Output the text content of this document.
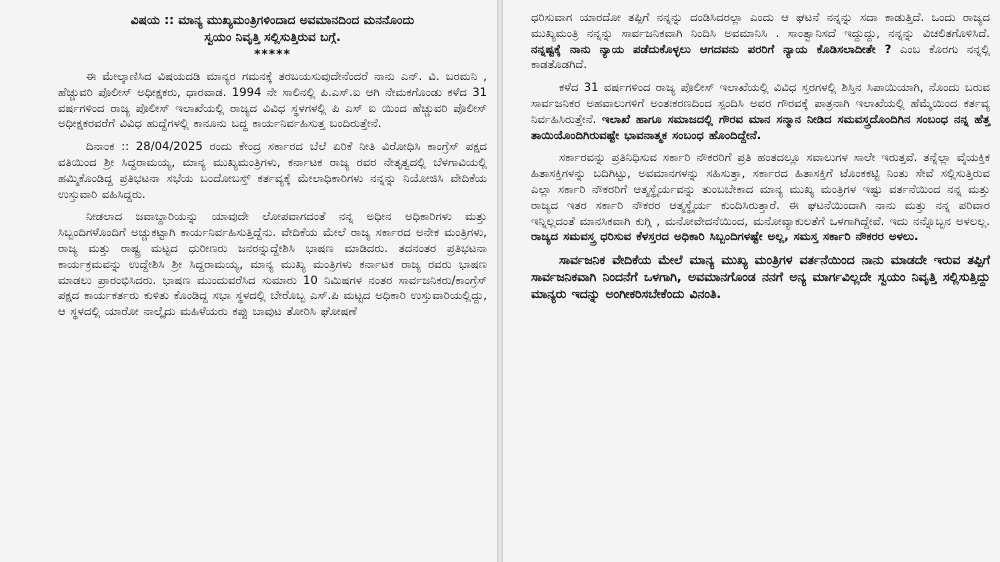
ವಿಷಯ :: ಮಾನ್ಯ ಮುಖ್ಯಮಂತ್ರಿಗಳಿಂದಾದ ಅವಮಾನದಿಂದ ಮನನೊಂದು
ಸ್ವಯಂ ನಿವೃತ್ತಿ ಸಲ್ಲಿಸುತ್ತಿರುವ ಬಗ್ಗೆ.
*****

ಈ ಮೇಲ್ಕಾಣಿಸಿದ ವಿಷಯದಡಿ ಮಾನ್ಯರ ಗಮನಕ್ಕೆ ತರಬಯಸುವುದೇನೆಂದರೆ ನಾನು ಎನ್. ವಿ. ಬರಮನಿ , ಹೆಚ್ಚುವರಿ ಪೊಲೀಸ್ ಅಧೀಕ್ಷಕರು, ಧಾರವಾಡ. 1994 ನೇ ಸಾಲಿನಲ್ಲಿ ಪಿ.ಎಸ್.ಐ ಆಗಿ ನೇಮಕಗೊಂಡು ಕಳೆದ 31 ವರ್ಷಗಳಿಂದ ರಾಜ್ಯ ಪೊಲೀಸ್ ಇಲಾಖೆಯಲ್ಲಿ ರಾಜ್ಯದ ವಿವಿಧ ಸ್ಥಳಗಳಲ್ಲಿ ಪಿ ಎಸ್ ಐ ಯಿಂದ ಹೆಚ್ಚುವರಿ ಪೊಲೀಸ್ ಅಧೀಕ್ಷಕರವರೆಗೆ ವಿವಿಧ ಹುದ್ದೆಗಳಲ್ಲಿ ಕಾನೂನು ಬದ್ಧ ಕಾರ್ಯನಿರ್ವಹಿಸುತ್ತ ಬಂದಿರುತ್ತೇನೆ.

ದಿನಾಂಕ :: 28/04/2025 ರಂದು ಕೇಂದ್ರ ಸರ್ಕಾರದ ಬೆಲೆ ಏರಿಕೆ ನೀತಿ ವಿರೋಧಿಸಿ ಕಾಂಗ್ರೆಸ್ ಪಕ್ಷದ ವತಿಯಿಂದ ಶ್ರೀ ಸಿದ್ದರಾಮಯ್ಯ, ಮಾನ್ಯ ಮುಖ್ಯಮಂತ್ರಿಗಳು, ಕರ್ನಾಟಕ ರಾಜ್ಯ ರವರ ನೇತೃತ್ವದಲ್ಲಿ ಬೆಳಗಾವಿಯಲ್ಲಿ ಹಮ್ಮಿಕೊಂಡಿದ್ದ ಪ್ರತಿಭಟನಾ ಸಭೆಯ ಬಂದೋಬಸ್ತ್ ಕರ್ತವ್ಯಕ್ಕೆ ಮೇಲಾಧಿಕಾರಿಗಳು ನನ್ನನ್ನು ನಿಯೋಜಿಸಿ ವೇದಿಕೆಯ ಉಸ್ತುವಾರಿ ವಹಿಸಿದ್ದರು.

ನೀಡಲಾದ ಜವಾಬ್ದಾರಿಯನ್ನು ಯಾವುದೇ ಲೋಪವಾಗದಂತೆ ನನ್ನ ಅಧೀನ ಅಧಿಕಾರಿಗಳು ಮತ್ತು ಸಿಬ್ಬಂದಿಗಳೊಂದಿಗೆ ಅಚ್ಚುಕಟ್ಟಾಗಿ ಕಾರ್ಯನಿರ್ವಹಿಸುತ್ತಿದ್ದೆನು. ವೇದಿಕೆಯ ಮೇಲೆ ರಾಜ್ಯ ಸರ್ಕಾರದ ಅನೇಕ ಮಂತ್ರಿಗಳು, ರಾಜ್ಯ ಮತ್ತು ರಾಷ್ಟ್ರ ಮಟ್ಟದ ಧುರೀಣರು ಜನರನ್ನುದ್ದೇಶಿಸಿ ಭಾಷಣ ಮಾಡಿದರು. ತದನಂತರ ಪ್ರತಿಭಟನಾ ಕಾರ್ಯಕ್ರಮವನ್ನು ಉದ್ದೇಶಿಸಿ ಶ್ರೀ ಸಿದ್ದರಾಮಯ್ಯ, ಮಾನ್ಯ ಮುಖ್ಯ ಮಂತ್ರಿಗಳು ಕರ್ನಾಟಕ ರಾಜ್ಯ ರವರು ಭಾಷಣ ಮಾಡಲು ಪ್ರಾರಂಭಿಸಿದರು. ಭಾಷಣ ಮುಂದುವರೆಸಿದ ಸುಮಾರು 10 ನಿಮಿಷಗಳ ನಂತರ ಸಾರ್ವಜನಿಕರು/ಕಾಂಗ್ರೆಸ್ ಪಕ್ಷದ ಕಾರ್ಯಕರ್ತರು ಕುಳಿತು ಕೊಂಡಿದ್ದ ಸಭಾ ಸ್ಥಳದಲ್ಲಿ ಬೇರೊಬ್ಬ ಎಸ್.ಪಿ ಮಟ್ಟದ ಅಧಿಕಾರಿ ಉಸ್ತುವಾರಿಯಲ್ಲಿದ್ದು, ಆ ಸ್ಥಳದಲ್ಲಿ ಯಾರೋ ನಾಲ್ಕೈದು ಮಹಿಳೆಯರು ಕಪ್ಪು ಬಾವುಟ ತೋರಿಸಿ ಘೋಷಣೆ

ಧರಿಸುವಾಗ ಯಾರದೋ ತಪ್ಪಿಗೆ ನನ್ನನ್ನು ದಂಡಿಸಿದರಲ್ಲಾ ಎಂದು ಆ ಘಟನೆ ನನ್ನನ್ನು ಸದಾ ಕಾಡುತ್ತಿದೆ. ಒಂದು ರಾಜ್ಯದ ಮುಖ್ಯಮಂತ್ರಿ ನನ್ನನ್ನು ಸಾರ್ವಜನಿಕವಾಗಿ ನಿಂದಿಸಿ ಅವಮಾನಿಸಿ . ಸಾಂತ್ವಾನಿಸದೆ ಇದ್ದುದ್ದು, ನನ್ನನ್ನು ವಿಚಲಿತಗೊಳಿಸಿದೆ. ನನ್ನಷ್ಟಕ್ಕೆ ನಾನು ನ್ಯಾಯ ಪಡೆದುಕೊಳ್ಳಲು ಆಗದವನು ಪರರಿಗೆ ನ್ಯಾಯ ಕೊಡಿಸಲಾದೀತೇ ? ಎಂಬ ಕೊರಗು ನನ್ನಲ್ಲಿ ಕಾಡತೊಡಗಿದೆ.

ಕಳೆದ 31 ವರ್ಷಗಳಿಂದ ರಾಜ್ಯ ಪೊಲೀಸ್ ಇಲಾಖೆಯಲ್ಲಿ ವಿವಿಧ ಸ್ತರಗಳಲ್ಲಿ ಶಿಸ್ತಿನ ಸಿಪಾಯಿಯಾಗಿ, ನೊಂದು ಬರುವ ಸಾರ್ವಜನಿಕರ ಅಹವಾಲುಗಳಿಗೆ ಅಂತಃಕರಣದಿಂದ ಸ್ಪಂದಿಸಿ ಅವರ ಗೌರವಕ್ಕೆ ಪಾತ್ರನಾಗಿ ಇಲಾಖೆಯಲ್ಲಿ ಹೆಮ್ಮೆಯಿಂದ ಕರ್ತವ್ಯ ನಿರ್ವಹಿಸಿರುತ್ತೇನೆ. ಇಲಾಖೆ ಹಾಗೂ ಸಮಾಜದಲ್ಲಿ ಗೌರವ ಮಾನ ಸನ್ಮಾನ ನೀಡಿದ ಸಮವಸ್ತ್ರದೊಂದಿಗಿನ ಸಂಬಂಧ ನನ್ನ ಹೆತ್ತ ತಾಯಿಯೊಂದಿಗಿರುವಷ್ಟೇ ಭಾವನಾತ್ಮಕ ಸಂಬಂಧ ಹೊಂದಿದ್ದೇನೆ.

ಸರ್ಕಾರವನ್ನು ಪ್ರತಿನಿಧಿಸುವ ಸರ್ಕಾರಿ ನೌಕರರಿಗೆ ಪ್ರತಿ ಹಂತದಲ್ಲೂ ಸವಾಲುಗಳ ಸಾಲೇ ಇರುತ್ತವೆ. ತನ್ನೆಲ್ಲಾ ವೈಯಕ್ತಿಕ ಹಿತಾಸಕ್ತಿಗಳನ್ನು ಬದಿಗಿಟ್ಟು, ಅವಮಾನಗಳನ್ನು ಸಹಿಸುತ್ತಾ, ಸರ್ಕಾರದ ಹಿತಾಸಕ್ತಿಗೆ ಟೊಂಕಕಟ್ಟಿ ನಿಂತು ಸೇವೆ ಸಲ್ಲಿಸುತ್ತಿರುವ ಎಲ್ಲಾ ಸರ್ಕಾರಿ ನೌಕರರಿಗೆ ಆತ್ಮಸ್ಥೈರ್ಯವನ್ನು ತುಂಬಬೇಕಾದ ಮಾನ್ಯ ಮುಖ್ಯ ಮಂತ್ರಿಗಳ ಇಷ್ಟು ವರ್ತನೆಯಿಂದ ನನ್ನ ಮತ್ತು ರಾಜ್ಯದ ಇತರ ಸರ್ಕಾರಿ ನೌಕರರ ಆತ್ಮಸ್ಥೈರ್ಯ ಕುಂದಿಸಿರುತ್ತಾರೆ. ಈ ಘಟನೆಯಿಂದಾಗಿ ನಾನು ಮತ್ತು ನನ್ನ ಪರಿವಾರ ಇನ್ನಿಲ್ಲದಂತೆ ಮಾನಸಿಕವಾಗಿ ಕುಗ್ಗಿ , ಮನೋವೇದನೆಯಿಂದ, ಮನೋವ್ಯಾಕುಲತೆಗೆ ಒಳಗಾಗಿದ್ದೇವೆ. ಇದು ನನ್ನೊಬ್ಬನ ಅಳಲಲ್ಲ. ರಾಜ್ಯದ ಸಮವಸ್ತ್ರ ಧರಿಸುವ ಕೆಳಸ್ತರದ ಅಧಿಕಾರಿ ಸಿಬ್ಬಂದಿಗಳಷ್ಟೇ ಅಲ್ಲ, ಸಮಸ್ತ ಸರ್ಕಾರಿ ನೌಕರರ ಅಳಲು.

ಸಾರ್ವಜನಿಕ ವೇದಿಕೆಯ ಮೇಲೆ ಮಾನ್ಯ ಮುಖ್ಯ ಮಂತ್ರಿಗಳ ವರ್ತನೆಯಿಂದ ನಾನು ಮಾಡದೇ ಇರುವ ತಪ್ಪಿಗೆ ಸಾರ್ವಜನಿಕವಾಗಿ ನಿಂದನೆಗೆ ಒಳಗಾಗಿ, ಅವಮಾನಗೊಂಡ ನನಗೆ ಅನ್ಯ ಮಾರ್ಗವಿಲ್ಲದೇ ಸ್ವಯಂ ನಿವೃತ್ತಿ ಸಲ್ಲಿಸುತ್ತಿದ್ದು ಮಾನ್ಯರು ಇದನ್ನು ಅಂಗೀಕರಿಸಬೇಕೆಂದು ವಿನಂತಿ.
